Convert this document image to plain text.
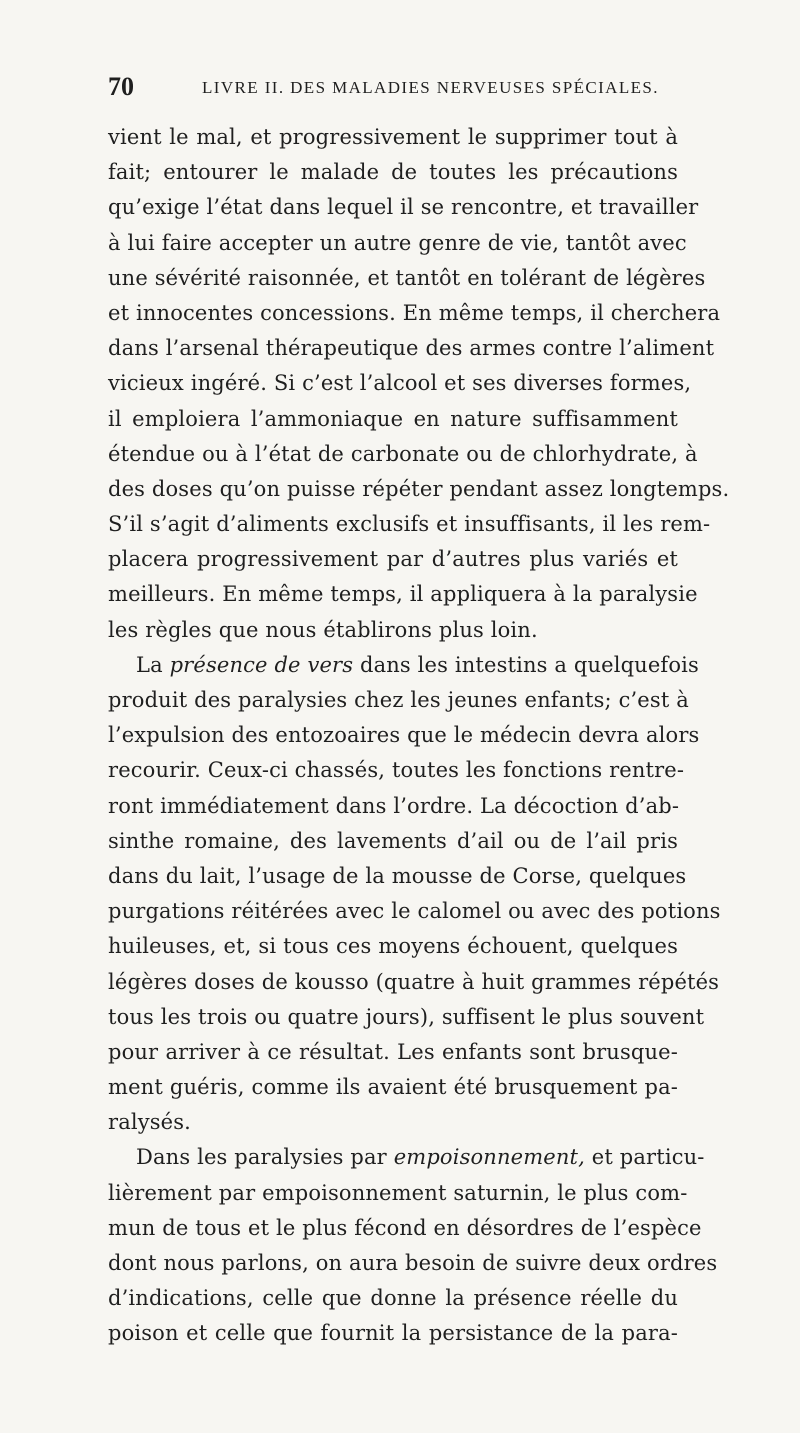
70	LIVRE II. DES MALADIES NERVEUSES SPÉCIALES.
vient le mal, et progressivement le supprimer tout à
fait; entourer le malade de toutes les précautions
qu’exige l’état dans lequel il se rencontre, et travailler
à lui faire accepter un autre genre de vie, tantôt avec
une sévérité raisonnée, et tantôt en tolérant de légères
et innocentes concessions. En même temps, il cherchera
dans l’arsenal thérapeutique des armes contre l’aliment
vicieux ingéré. Si c’est l’alcool et ses diverses formes,
il emploiera l’ammoniaque en nature suffisamment
étendue ou à l’état de carbonate ou de chlorhydrate, à
des doses qu’on puisse répéter pendant assez longtemps.
S’il s’agit d’aliments exclusifs et insuffisants, il les rem-
placera progressivement par d’autres plus variés et
meilleurs. En même temps, il appliquera à la paralysie
les règles que nous établirons plus loin.
La présence de vers dans les intestins a quelquefois
produit des paralysies chez les jeunes enfants; c’est à
l’expulsion des entozoaires que le médecin devra alors
recourir. Ceux-ci chassés, toutes les fonctions rentre-
ront immédiatement dans l’ordre. La décoction d’ab-
sinthe romaine, des lavements d’ail ou de l’ail pris
dans du lait, l’usage de la mousse de Corse, quelques
purgations réitérées avec le calomel ou avec des potions
huileuses, et, si tous ces moyens échouent, quelques
légères doses de kousso (quatre à huit grammes répétés
tous les trois ou quatre jours), suffisent le plus souvent
pour arriver à ce résultat. Les enfants sont brusque-
ment guéris, comme ils avaient été brusquement pa-
ralysés.
Dans les paralysies par empoisonnement, et particu-
lièrement par empoisonnement saturnin, le plus com-
mun de tous et le plus fécond en désordres de l’espèce
dont nous parlons, on aura besoin de suivre deux ordres
d’indications, celle que donne la présence réelle du
poison et celle que fournit la persistance de la para-
